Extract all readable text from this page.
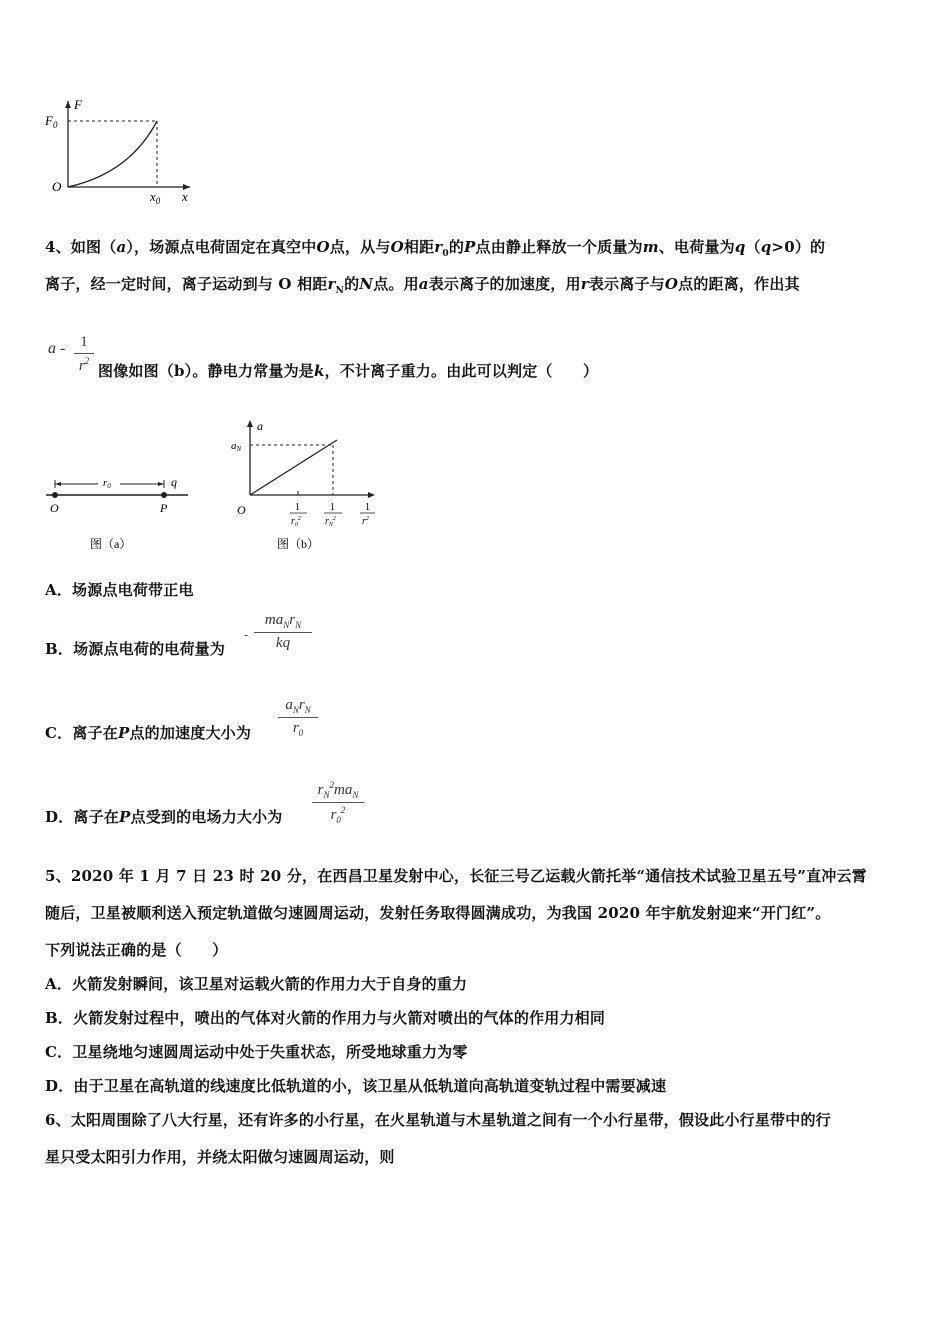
F
$F_0$
O
$x_0$ x
4、如图（a），场源点电荷固定在真空中O点，从与O相距$r_0$的P点由静止释放一个质量为m、电荷量为q（q>0）的
离子，经一定时间，离子运动到与 O 相距$r_N$的N点。用a表示离子的加速度，用r表示离子与O点的距离，作出其
a - 1
$r^2$
图像如图（b）。静电力常量为是k，不计离子重力。由此可以判定（　　）
r0	q
O	P
图（a）
a
aN
O	1
$r_0^2$
1
$r_N^2$
1
$r^2$
图（b）
A．场源点电荷带正电
B．场源点电荷的电荷量为
-
$ma_Nr_N$
kq
C．离子在P点的加速度大小为
$a_Nr_N$
$r_0$
D．离子在P点受到的电场力大小为
$r_N^2ma_N$
$r_0^2$
5、2020 年 1 月 7 日 23 时 20 分，在西昌卫星发射中心，长征三号乙运载火箭托举“通信技术试验卫星五号”直冲云霄
随后，卫星被顺利送入预定轨道做匀速圆周运动，发射任务取得圆满成功，为我国 2020 年宇航发射迎来“开门红”。
下列说法正确的是（　　）
A．火箭发射瞬间，该卫星对运载火箭的作用力大于自身的重力
B．火箭发射过程中，喷出的气体对火箭的作用力与火箭对喷出的气体的作用力相同
C．卫星绕地匀速圆周运动中处于失重状态，所受地球重力为零
D．由于卫星在高轨道的线速度比低轨道的小，该卫星从低轨道向高轨道变轨过程中需要减速
6、太阳周围除了八大行星，还有许多的小行星，在火星轨道与木星轨道之间有一个小行星带，假设此小行星带中的行
星只受太阳引力作用，并绕太阳做匀速圆周运动，则
